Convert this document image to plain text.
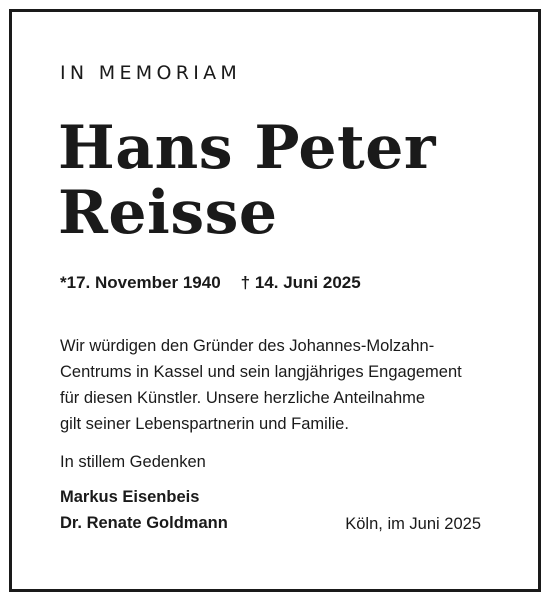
IN MEMORIAM
Hans Peter
Reisse
*17. November 1940 † 14. Juni 2025
Wir würdigen den Gründer des Johannes-Molzahn-
Centrums in Kassel und sein langjähriges Engagement
für diesen Künstler. Unsere herzliche Anteilnahme
gilt seiner Lebenspartnerin und Familie.
In stillem Gedenken
Markus Eisenbeis
Dr. Renate Goldmann	Köln, im Juni 2025
